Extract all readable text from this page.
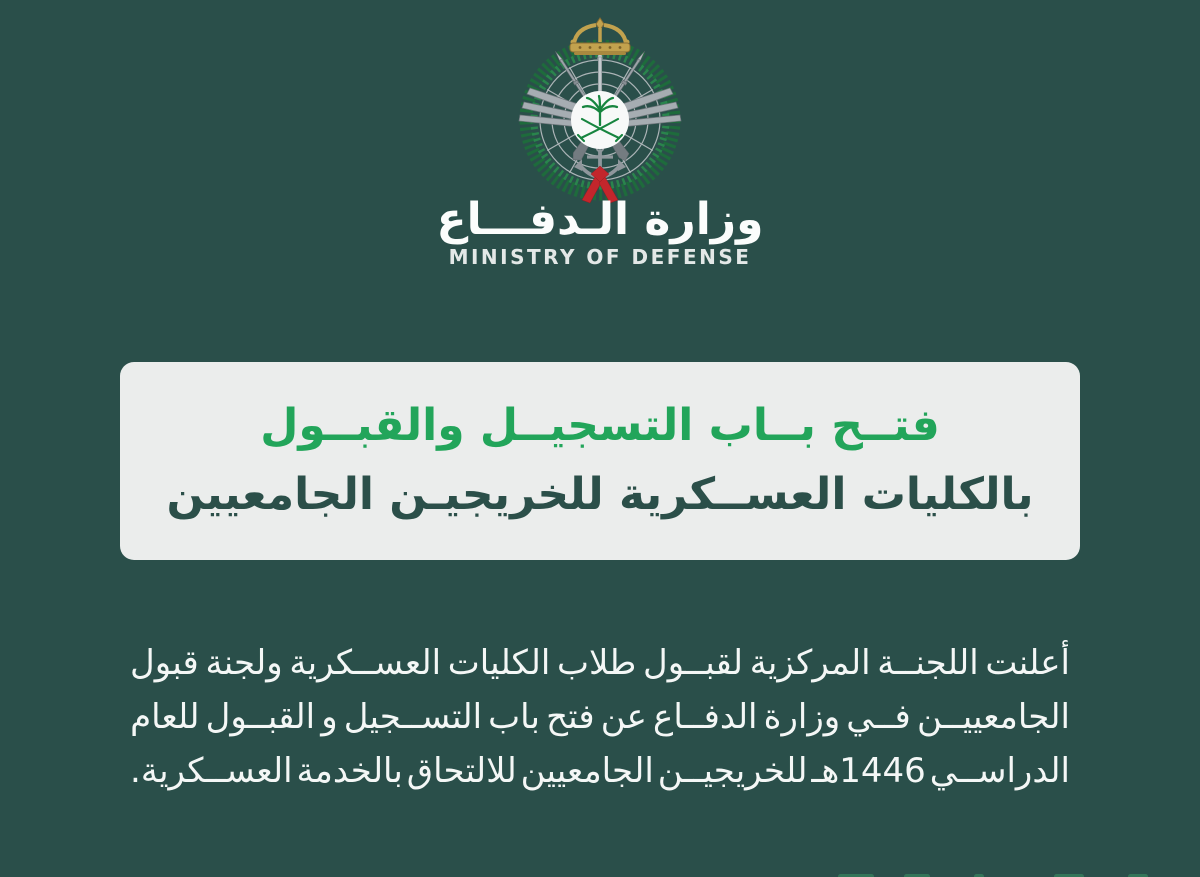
وزارة الـدفـــاع
MINISTRY OF DEFENSE
فتــح بــاب التسجيــل والقبــول
بالكليات العســكرية للخريجيـن الجامعيين
أعلنت
اللجنــة
المركزية
لقبــول
طلاب
الكليات
العســكرية
ولجنة
قبول
الجامعييــن
فــي
وزارة
الدفــاع
عن
فتح
باب
التســجيل
و
القبــول
للعام
الدراســي
1446هـ
للخريجيــن
الجامعيين
للالتحاق
بالخدمة
العســكرية.
